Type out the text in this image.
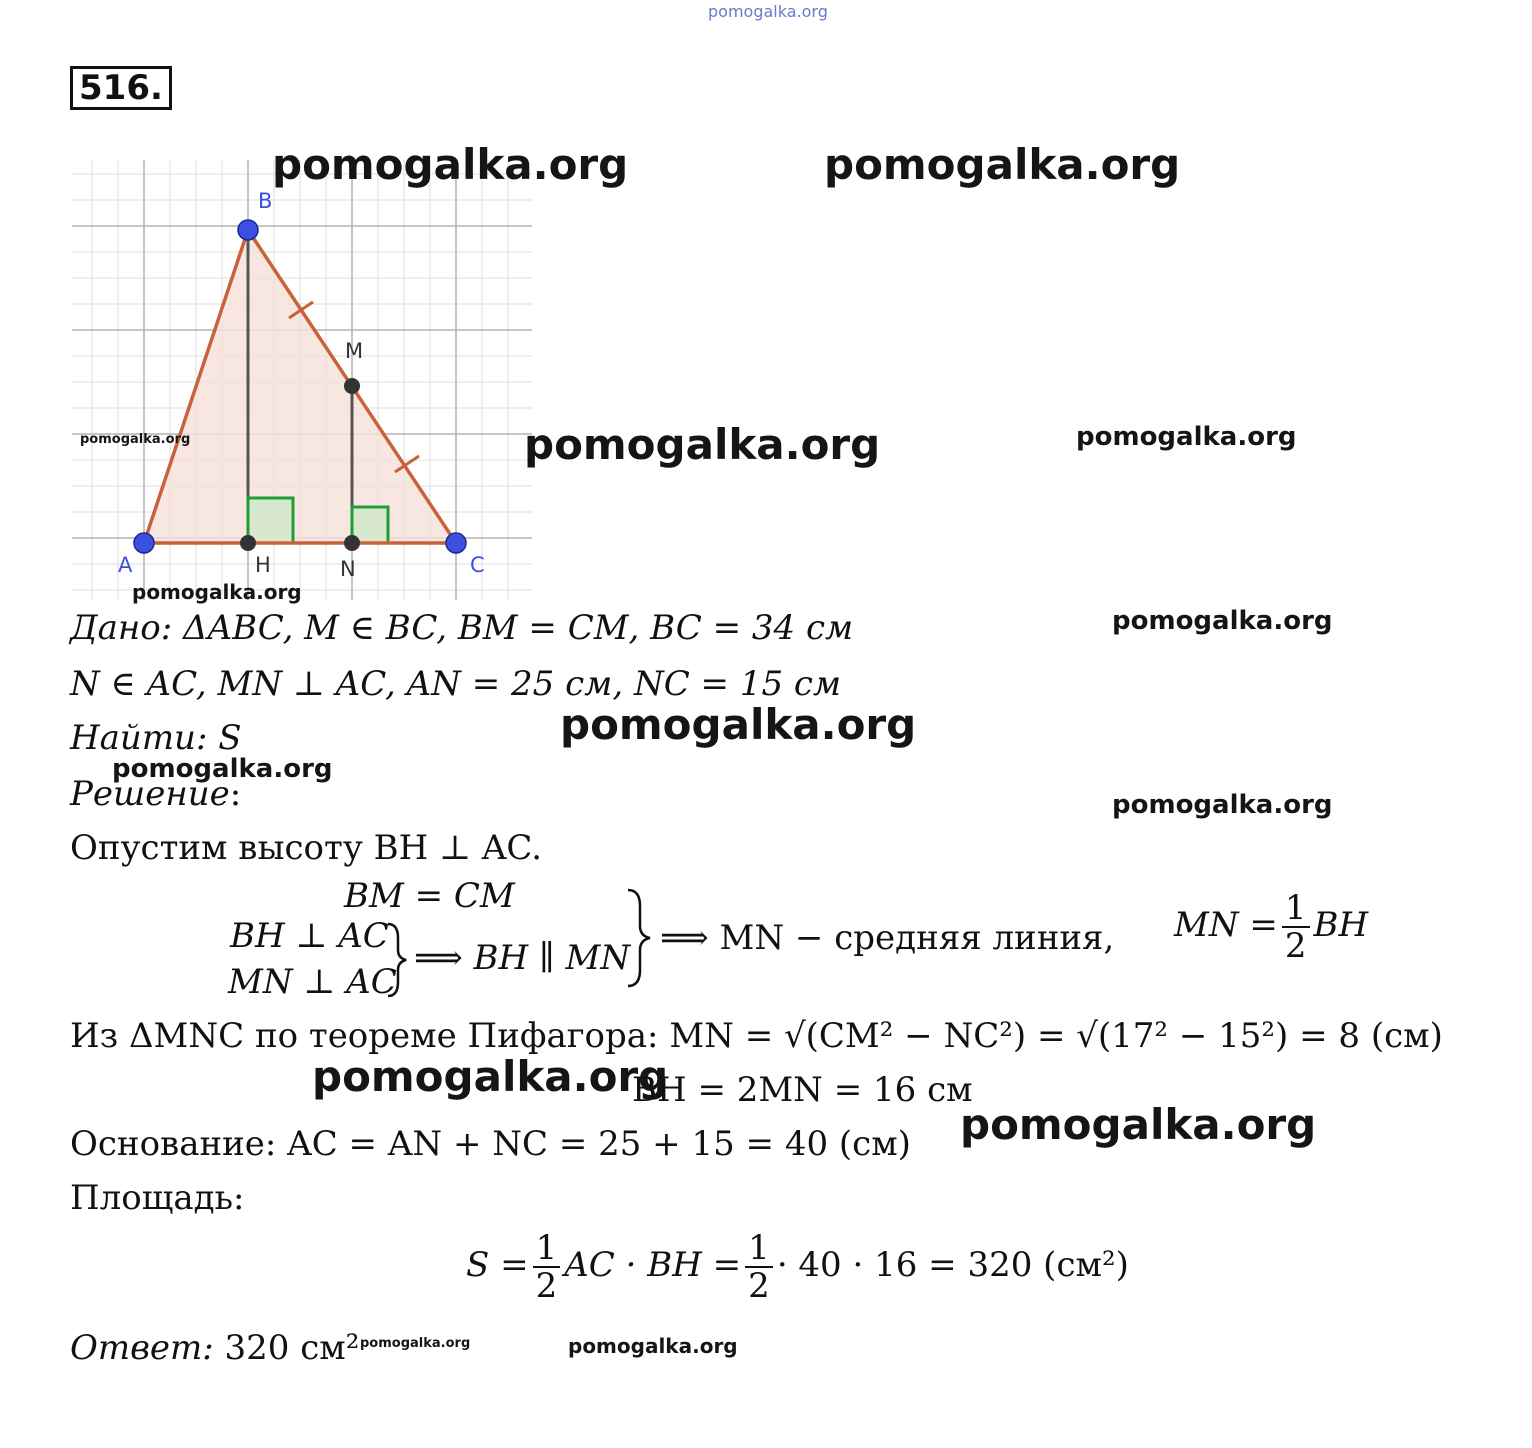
pomogalka.org
516.
B
M
A	H	N	C
pomogalka.org	pomogalka.org
pomogalka.org	pomogalka.org	pomogalka.org
pomogalka.org
pomogalka.org
pomogalka.org
pomogalka.org
pomogalka.org
pomogalka.org
pomogalka.org
pomogalka.org	pomogalka.org
Дано: ΔABC, M ∈ BC, BM = CM, BC = 34 см
N ∈ AC, MN ⊥ AC, AN = 25 см, NC = 15 см
Найти: S
Решение:
Опустим высоту BH ⊥ AC.
BM = CM
BH ⊥ AC
MN ⊥ AC
⟹ BH ∥ MN ⟹ MN − средняя линия, MN = $\frac{1}{2}$ BH
Из ΔMNC по теореме Пифагора: MN = √(CM² − NC²) = √(17² − 15²) = 8 (см)
BH = 2MN = 16 см
Основание: AC = AN + NC = 25 + 15 = 40 (см)
Площадь:
$S = \frac{1}{2}$ AC · BH = $\frac{1}{2} \cdot 40 \cdot 16 = 320$ (см²)
Ответ: 320 см²
